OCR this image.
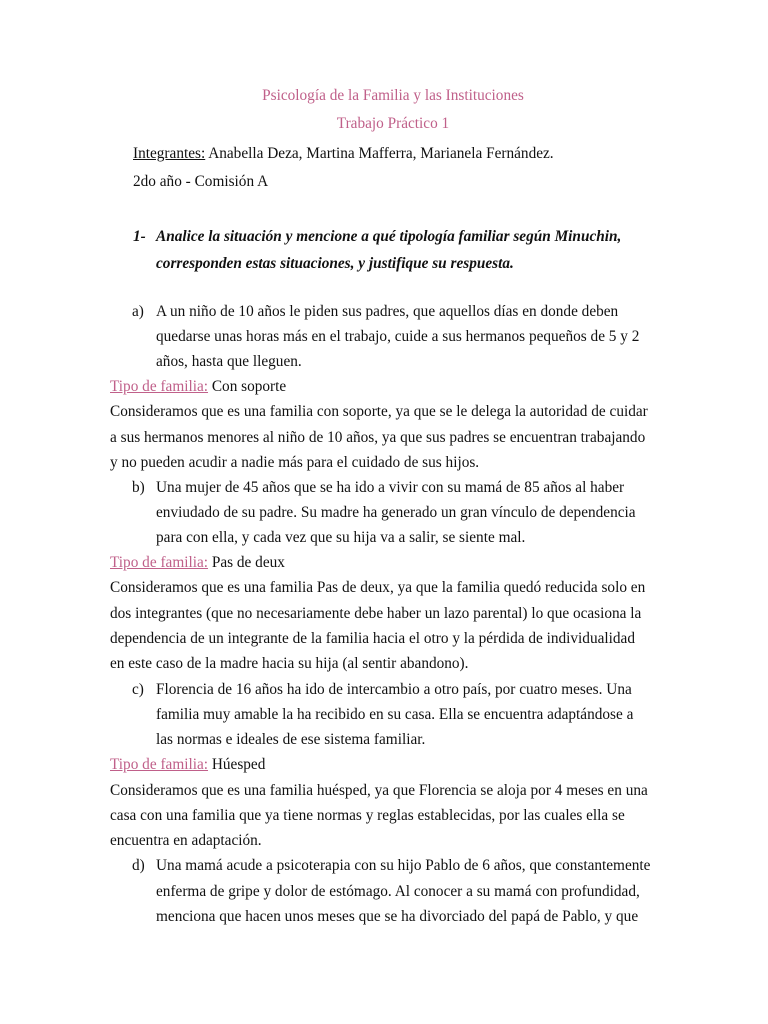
Psicología de la Familia y las Instituciones
Trabajo Práctico 1
Integrantes: Anabella Deza, Martina Mafferra, Marianela Fernández.
2do año - Comisión A
1- Analice la situación y mencione a qué tipología familiar según Minuchin,
corresponden estas situaciones, y justifique su respuesta.
a) A un niño de 10 años le piden sus padres, que aquellos días en donde deben
quedarse unas horas más en el trabajo, cuide a sus hermanos pequeños de 5 y 2
años, hasta que lleguen.
Tipo de familia: Con soporte
Consideramos que es una familia con soporte, ya que se le delega la autoridad de cuidar
a sus hermanos menores al niño de 10 años, ya que sus padres se encuentran trabajando
y no pueden acudir a nadie más para el cuidado de sus hijos.
b) Una mujer de 45 años que se ha ido a vivir con su mamá de 85 años al haber
enviudado de su padre. Su madre ha generado un gran vínculo de dependencia
para con ella, y cada vez que su hija va a salir, se siente mal.
Tipo de familia: Pas de deux
Consideramos que es una familia Pas de deux, ya que la familia quedó reducida solo en
dos integrantes (que no necesariamente debe haber un lazo parental) lo que ocasiona la
dependencia de un integrante de la familia hacia el otro y la pérdida de individualidad
en este caso de la madre hacia su hija (al sentir abandono).
c) Florencia de 16 años ha ido de intercambio a otro país, por cuatro meses. Una
familia muy amable la ha recibido en su casa. Ella se encuentra adaptándose a
las normas e ideales de ese sistema familiar.
Tipo de familia: Húesped
Consideramos que es una familia huésped, ya que Florencia se aloja por 4 meses en una
casa con una familia que ya tiene normas y reglas establecidas, por las cuales ella se
encuentra en adaptación.
d) Una mamá acude a psicoterapia con su hijo Pablo de 6 años, que constantemente
enferma de gripe y dolor de estómago. Al conocer a su mamá con profundidad,
menciona que hacen unos meses que se ha divorciado del papá de Pablo, y que
